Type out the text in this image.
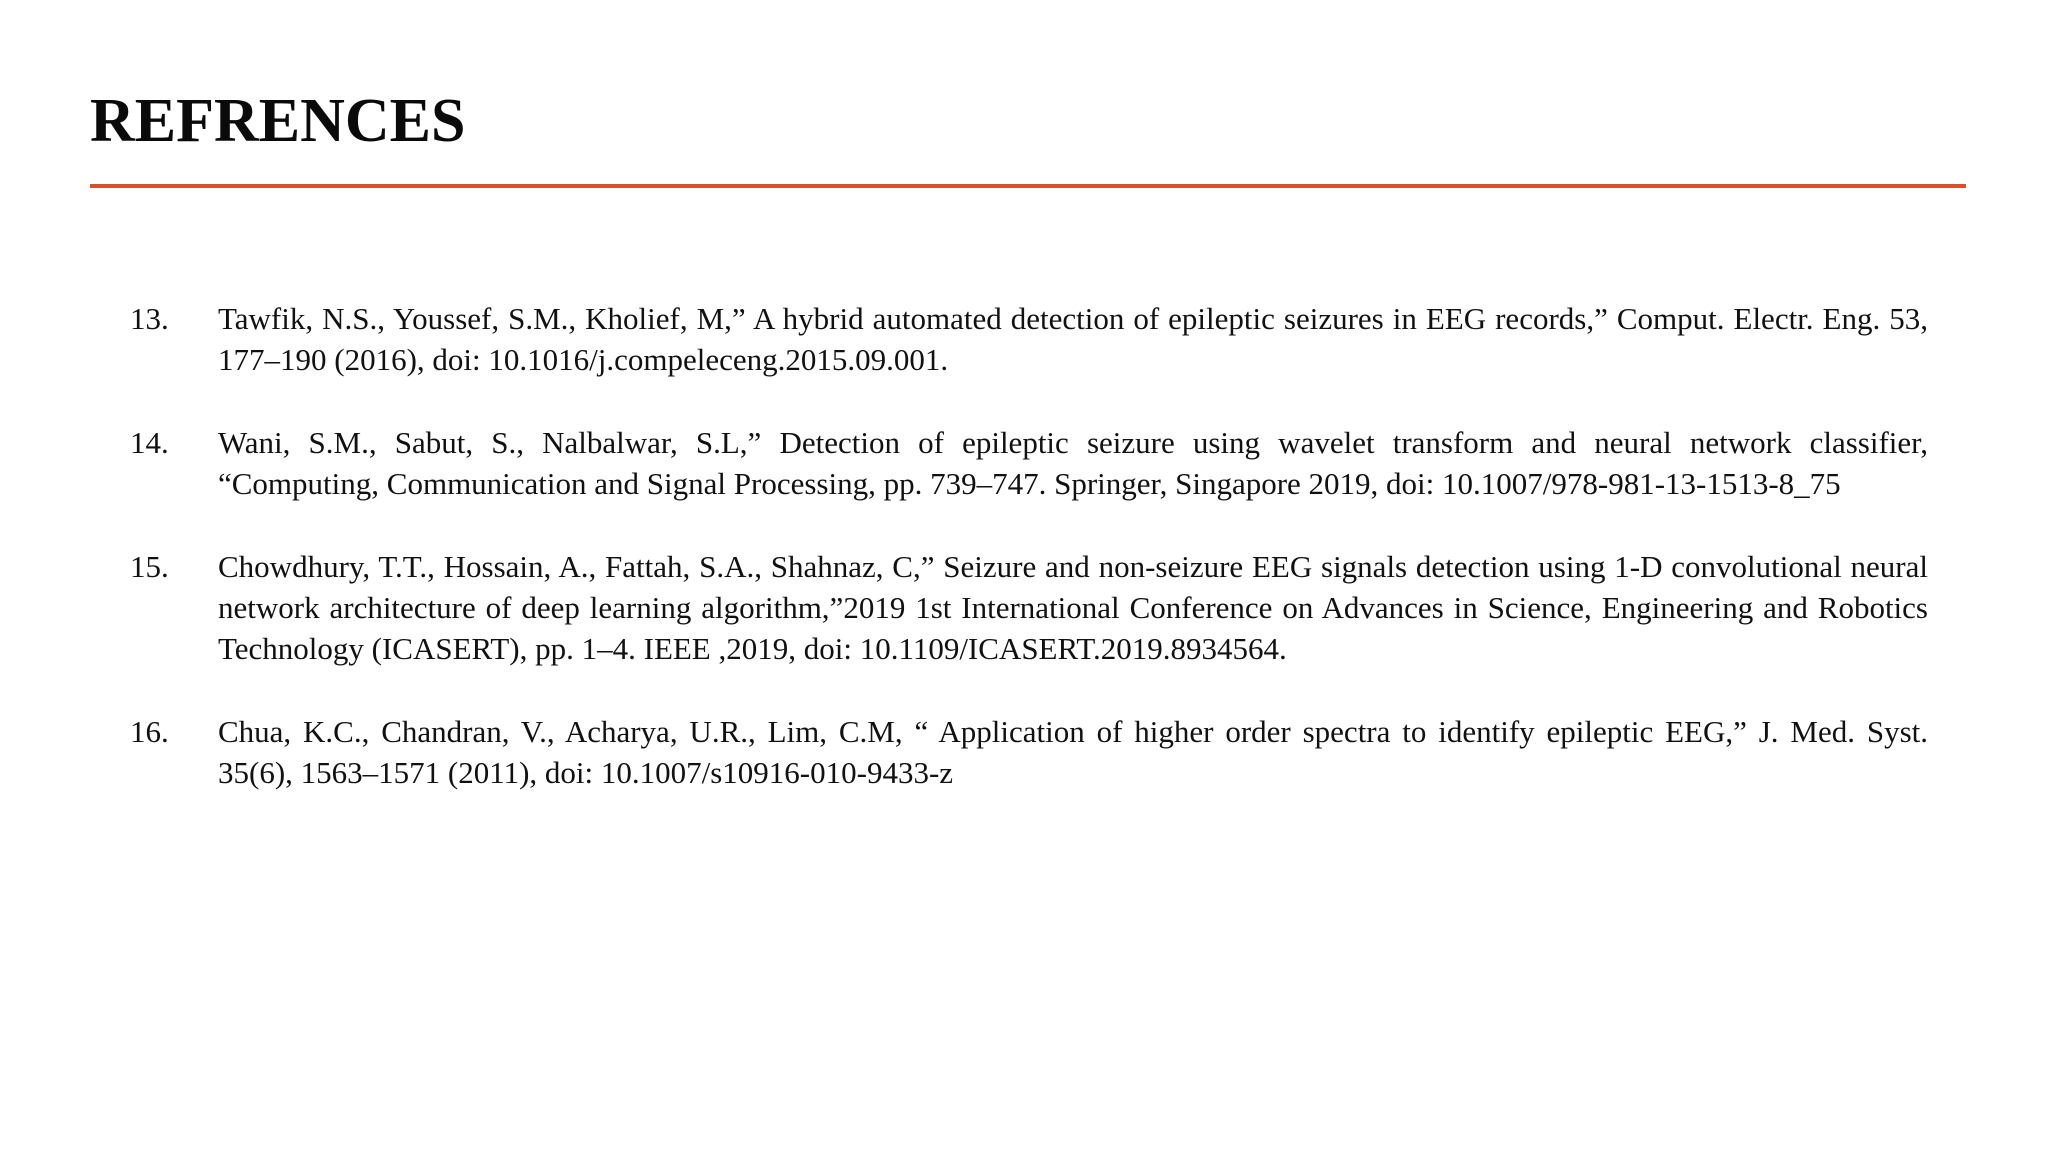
REFRENCES
13.	Tawfik, N.S., Youssef, S.M., Kholief, M,” A hybrid automated detection of epileptic seizures in EEG records,” Comput. Electr. Eng. 53, 177–190 (2016), doi: 10.1016/j.compeleceng.2015.09.001.
14.	Wani, S.M., Sabut, S., Nalbalwar, S.L,” Detection of epileptic seizure using wavelet transform and neural network classifier, “Computing, Communication and Signal Processing, pp. 739–747. Springer, Singapore 2019, doi: 10.1007/978-981-13-1513-8_75
15.	Chowdhury, T.T., Hossain, A., Fattah, S.A., Shahnaz, C,” Seizure and non-seizure EEG signals detection using 1-D convolutional neural network architecture of deep learning algorithm,”2019 1st International Conference on Advances in Science, Engineering and Robotics Technology (ICASERT), pp. 1–4. IEEE ,2019, doi: 10.1109/ICASERT.2019.8934564.
16.	Chua, K.C., Chandran, V., Acharya, U.R., Lim, C.M, “ Application of higher order spectra to identify epileptic EEG,” J. Med. Syst. 35(6), 1563–1571 (2011), doi: 10.1007/s10916-010-9433-z
